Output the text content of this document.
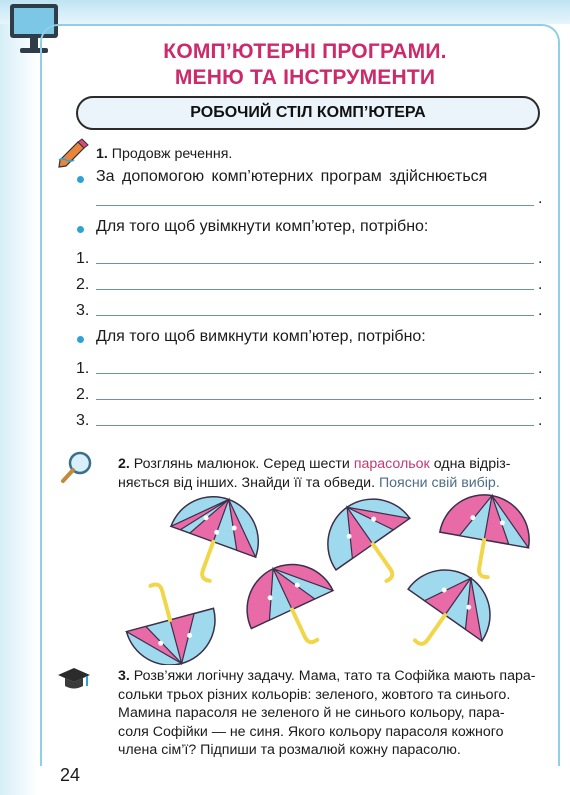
КОМП’ЮТЕРНІ ПРОГРАМИ.
МЕНЮ ТА ІНСТРУМЕНТИ
РОБОЧИЙ СТІЛ КОМП’ЮТЕРА
1. Продовж речення.
За допомогою комп’ютерних програм здійснюється
.
Для того щоб увімкнути комп’ютер, потрібно:
1.	.
2.	.
3.	.
Для того щоб вимкнути комп’ютер, потрібно:
1.	.
2.	.
3.	.
2. Розглянь малюнок. Серед шести парасольок одна відріз-
няється від інших. Знайди її та обведи. Поясни свій вибір.
3. Розв’яжи логічну задачу. Мама, тато та Софійка мають пара-
сольки трьох різних кольорів: зеленого, жовтого та синього.
Мамина парасоля не зеленого й не синього кольору, пара-
соля Софійки — не синя. Якого кольору парасоля кожного
члена сім’ї? Підпиши та розмалюй кожну парасолю.
24
